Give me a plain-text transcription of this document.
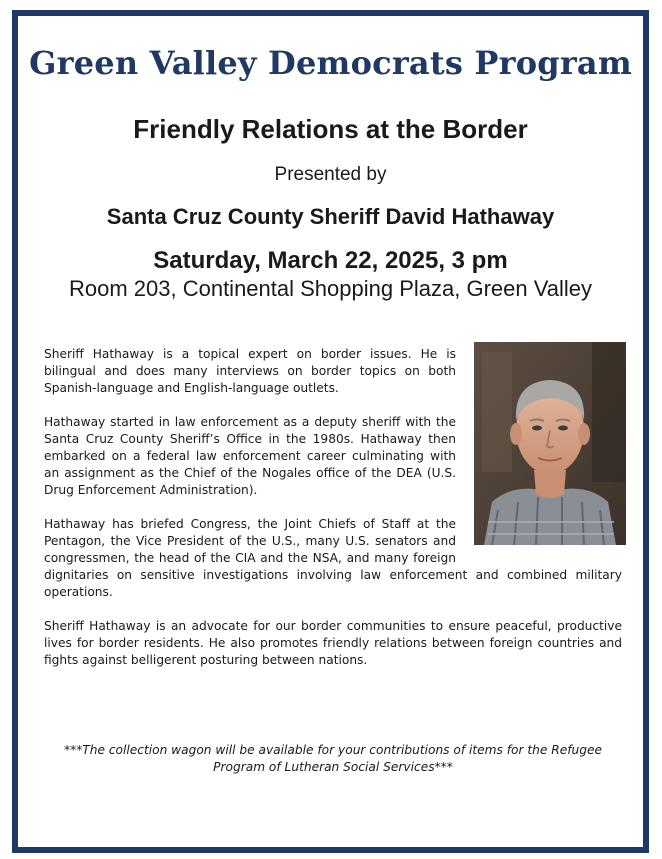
Green Valley Democrats Program
Friendly Relations at the Border
Presented by
Santa Cruz County Sheriff David Hathaway
Saturday, March 22, 2025, 3 pm
Room 203, Continental Shopping Plaza, Green Valley

Sheriff Hathaway is a topical expert on border issues. He is bilingual and does many interviews on border topics on both Spanish-language and English-language outlets.

Hathaway started in law enforcement as a deputy sheriff with the Santa Cruz County Sheriff’s Office in the 1980s. Hathaway then embarked on a federal law enforcement career culminating with an assignment as the Chief of the Nogales office of the DEA (U.S. Drug Enforcement Administration).

Hathaway has briefed Congress, the Joint Chiefs of Staff at the Pentagon, the Vice President of the U.S., many U.S. senators and congressmen, the head of the CIA and the NSA, and many foreign dignitaries on sensitive investigations involving law enforcement and combined military operations.

Sheriff Hathaway is an advocate for our border communities to ensure peaceful, productive lives for border residents. He also promotes friendly relations between foreign countries and fights against belligerent posturing between nations.

***The collection wagon will be available for your contributions of items for the Refugee Program of Lutheran Social Services***
